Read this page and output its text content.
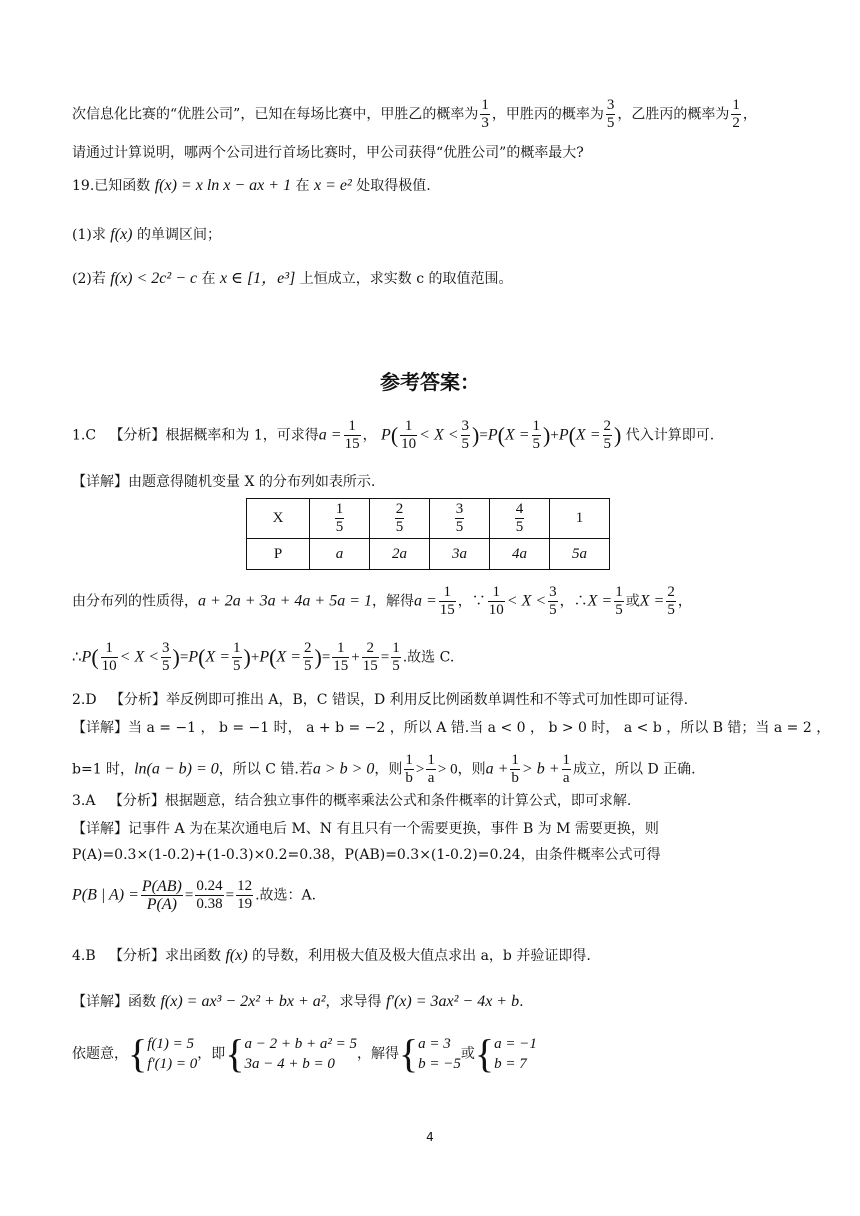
次信息化比赛的“优胜公司”，已知在每场比赛中，甲胜乙的概率为 $\frac{1}{3}$ ，甲胜丙的概率为 $\frac{3}{5}$ ，乙胜丙的概率为 $\frac{1}{2}$ ，
请通过计算说明，哪两个公司进行首场比赛时，甲公司获得“优胜公司”的概率最大?
19.已知函数 f(x) = x ln x − ax + 1 在 x = e² 处取得极值.
(1)求 f(x) 的单调区间；
(2)若 f(x) < 2c² − c 在 x ∈ [1，e³] 上恒成立，求实数 c 的取值范围。
参考答案：
1.C 【分析】根据概率和为 1，可求得$a = \frac{1}{15}$ ， $P( \frac{1}{10} < X < \frac{3}{5} )=P(X = \frac{1}{5} )+P(X = \frac{2}{5}$ ) 代入计算即可.
【详解】由题意得随机变量 X 的分布列如表所示.
X	$\frac{1}{5}$	$\frac{2}{5}$	$\frac{3}{5}$	$\frac{4}{5}$	1
P	a	2a	3a	4a	5a
由分布列的性质得，a + 2a + 3a + 4a + 5a = 1，解得$a = \frac{1}{15}$ ，∵ $\frac{1}{10} < X < \frac{3}{5}$ ，∴X = $\frac{1}{5}$ 或$X = \frac{2}{5}$ ，
∴P( $\frac{1}{10} < X < \frac{3}{5} )=P(X = \frac{1}{5} )+P(X = \frac{2}{5}$ )= $\frac{1}{15} + \frac{2}{15} = \frac{1}{5}$ .故选 C.
2.D 【分析】举反例即可推出 A，B，C 错误，D 利用反比例函数单调性和不等式可加性即可证得.
【详解】当 a = −1 ， b = −1 时， a + b = −2 ，所以 A 错.当 a < 0 ， b > 0 时， a < b ，所以 B 错；当 a = 2 ，
b=1 时，ln(a − b) = 0，所以 C 错.若a > b > 0，则 $\frac{1}{b} > \frac{1}{a} > 0$，则$a + \frac{1}{b} > b + \frac{1}{a}$ 成立，所以 D 正确.
3.A 【分析】根据题意，结合独立事件的概率乘法公式和条件概率的计算公式，即可求解.
【详解】记事件 A 为在某次通电后 M、N 有且只有一个需要更换，事件 B 为 M 需要更换，则
P(A)=0.3×(1-0.2)+(1-0.3)×0.2=0.38，P(AB)=0.3×(1-0.2)=0.24，由条件概率公式可得
P(B | $A) = \frac{P(AB)}{P(A)} = \frac{0.24}{0.38} = \frac{12}{19}$ .故选：A.
4.B 【分析】求出函数 f(x) 的导数，利用极大值及极大值点求出 a，b 并验证即得.
【详解】函数 f(x) = ax³ − 2x² + bx + a²，求导得 f′(x) = 3ax² − 4x + b.
依题意，{ f(1) = 5
f′(1) = 0
，即{ a − 2 + b + a² = 5
3a − 4 + b = 0
，解得{ a = 3
b = −5
或{ a = −1
b = 7
4
